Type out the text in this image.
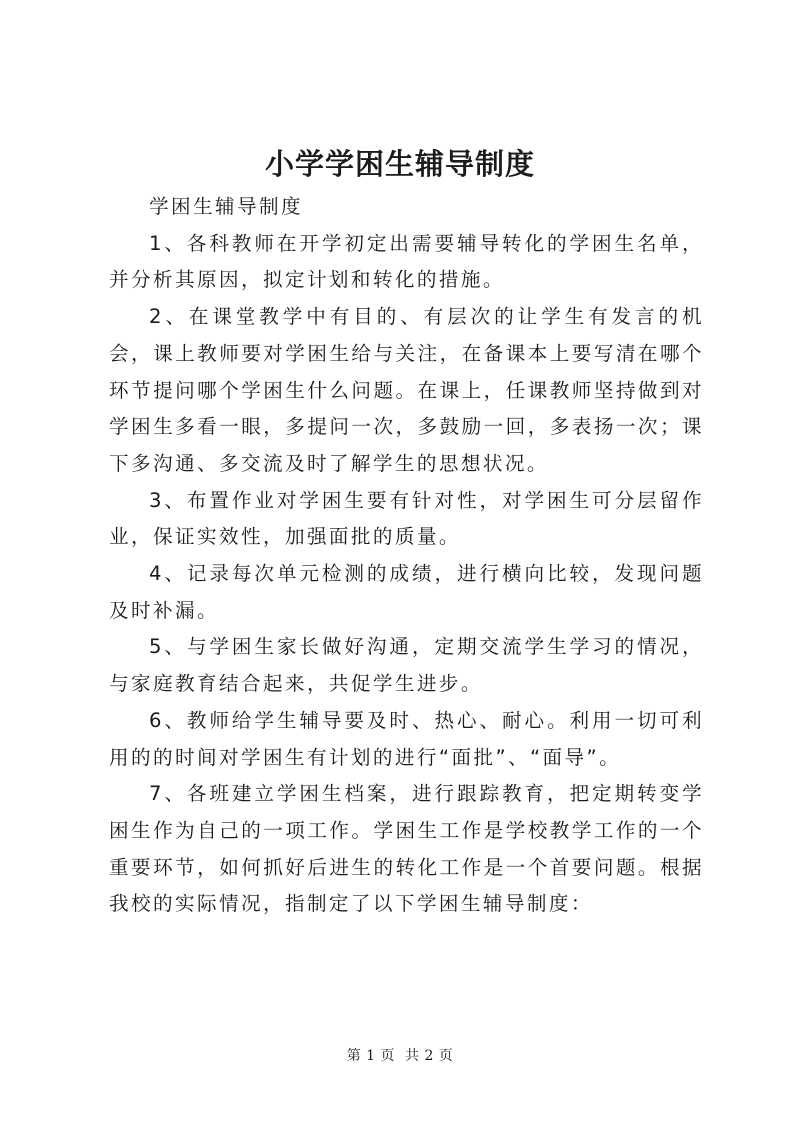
小学学困生辅导制度

学困生辅导制度

1、各科教师在开学初定出需要辅导转化的学困生名单，并分析其原因，拟定计划和转化的措施。

2、在课堂教学中有目的、有层次的让学生有发言的机会，课上教师要对学困生给与关注，在备课本上要写清在哪个环节提问哪个学困生什么问题。在课上，任课教师坚持做到对学困生多看一眼，多提问一次，多鼓励一回，多表扬一次；课下多沟通、多交流及时了解学生的思想状况。

3、布置作业对学困生要有针对性，对学困生可分层留作业，保证实效性，加强面批的质量。

4、记录每次单元检测的成绩，进行横向比较，发现问题及时补漏。

5、与学困生家长做好沟通，定期交流学生学习的情况，与家庭教育结合起来，共促学生进步。

6、教师给学生辅导要及时、热心、耐心。利用一切可利用的的时间对学困生有计划的进行“面批”、“面导”。

7、各班建立学困生档案，进行跟踪教育，把定期转变学困生作为自己的一项工作。学困生工作是学校教学工作的一个重要环节，如何抓好后进生的转化工作是一个首要问题。根据我校的实际情况，指制定了以下学困生辅导制度：

第 1 页 共 2 页
